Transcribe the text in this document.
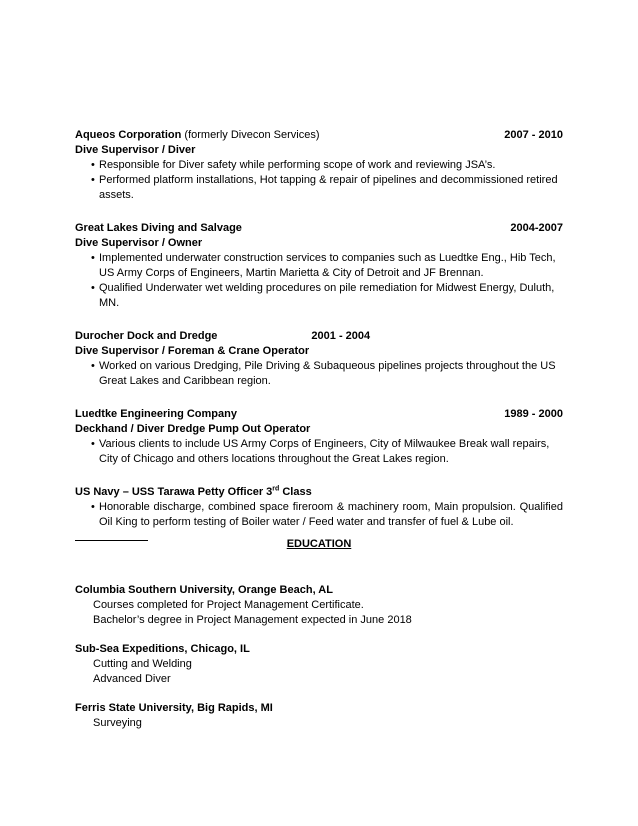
Aqueos Corporation (formerly Divecon Services)	2007 - 2010
Dive Supervisor / Diver
• Responsible for Diver safety while performing scope of work and reviewing JSA’s.
• Performed platform installations, Hot tapping & repair of pipelines and decommissioned retired assets.
Great Lakes Diving and Salvage	2004-2007
Dive Supervisor / Owner
• Implemented underwater construction services to companies such as Luedtke Eng., Hib Tech, US Army Corps of Engineers, Martin Marietta & City of Detroit and JF Brennan.
• Qualified Underwater wet welding procedures on pile remediation for Midwest Energy, Duluth, MN.
Durocher Dock and Dredge	2001 - 2004
Dive Supervisor / Foreman & Crane Operator
• Worked on various Dredging, Pile Driving & Subaqueous pipelines projects throughout the US Great Lakes and Caribbean region.
Luedtke Engineering Company	1989 - 2000
Deckhand / Diver Dredge Pump Out Operator
• Various clients to include US Army Corps of Engineers, City of Milwaukee Break wall repairs, City of Chicago and others locations throughout the Great Lakes region.
US Navy – USS Tarawa Petty Officer 3rd Class
• Honorable discharge, combined space fireroom & machinery room, Main propulsion. Qualified Oil King to perform testing of Boiler water / Feed water and transfer of fuel & Lube oil.
EDUCATION
Columbia Southern University, Orange Beach, AL
Courses completed for Project Management Certificate.
Bachelor’s degree in Project Management expected in June 2018
Sub-Sea Expeditions, Chicago, IL
Cutting and Welding
Advanced Diver
Ferris State University, Big Rapids, MI
Surveying
